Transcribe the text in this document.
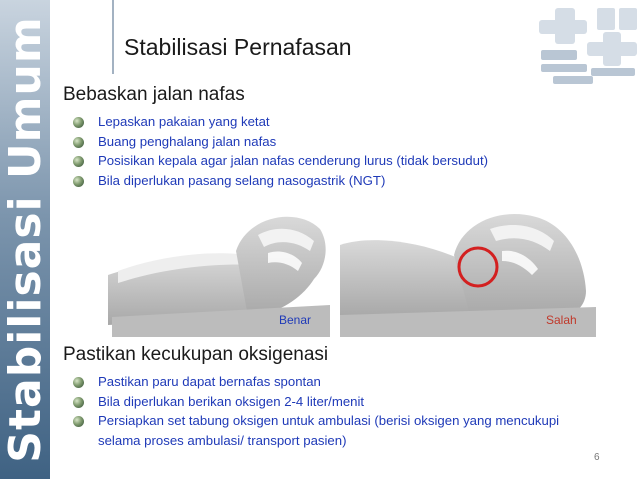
Stabilisasi Umum	Stabilisasi Pernafasan
Bebaskan jalan nafas
Lepaskan pakaian yang ketat
Buang penghalang jalan nafas
Posisikan kepala agar jalan nafas cenderung lurus (tidak bersudut)
Bila diperlukan pasang selang nasogastrik (NGT)
Benar	Salah
Pastikan kecukupan oksigenasi
Pastikan paru dapat bernafas spontan
Bila diperlukan berikan oksigen 2-4 liter/menit
Persiapkan set tabung oksigen untuk ambulasi (berisi oksigen yang mencukupi selama proses ambulasi/ transport pasien)
6
